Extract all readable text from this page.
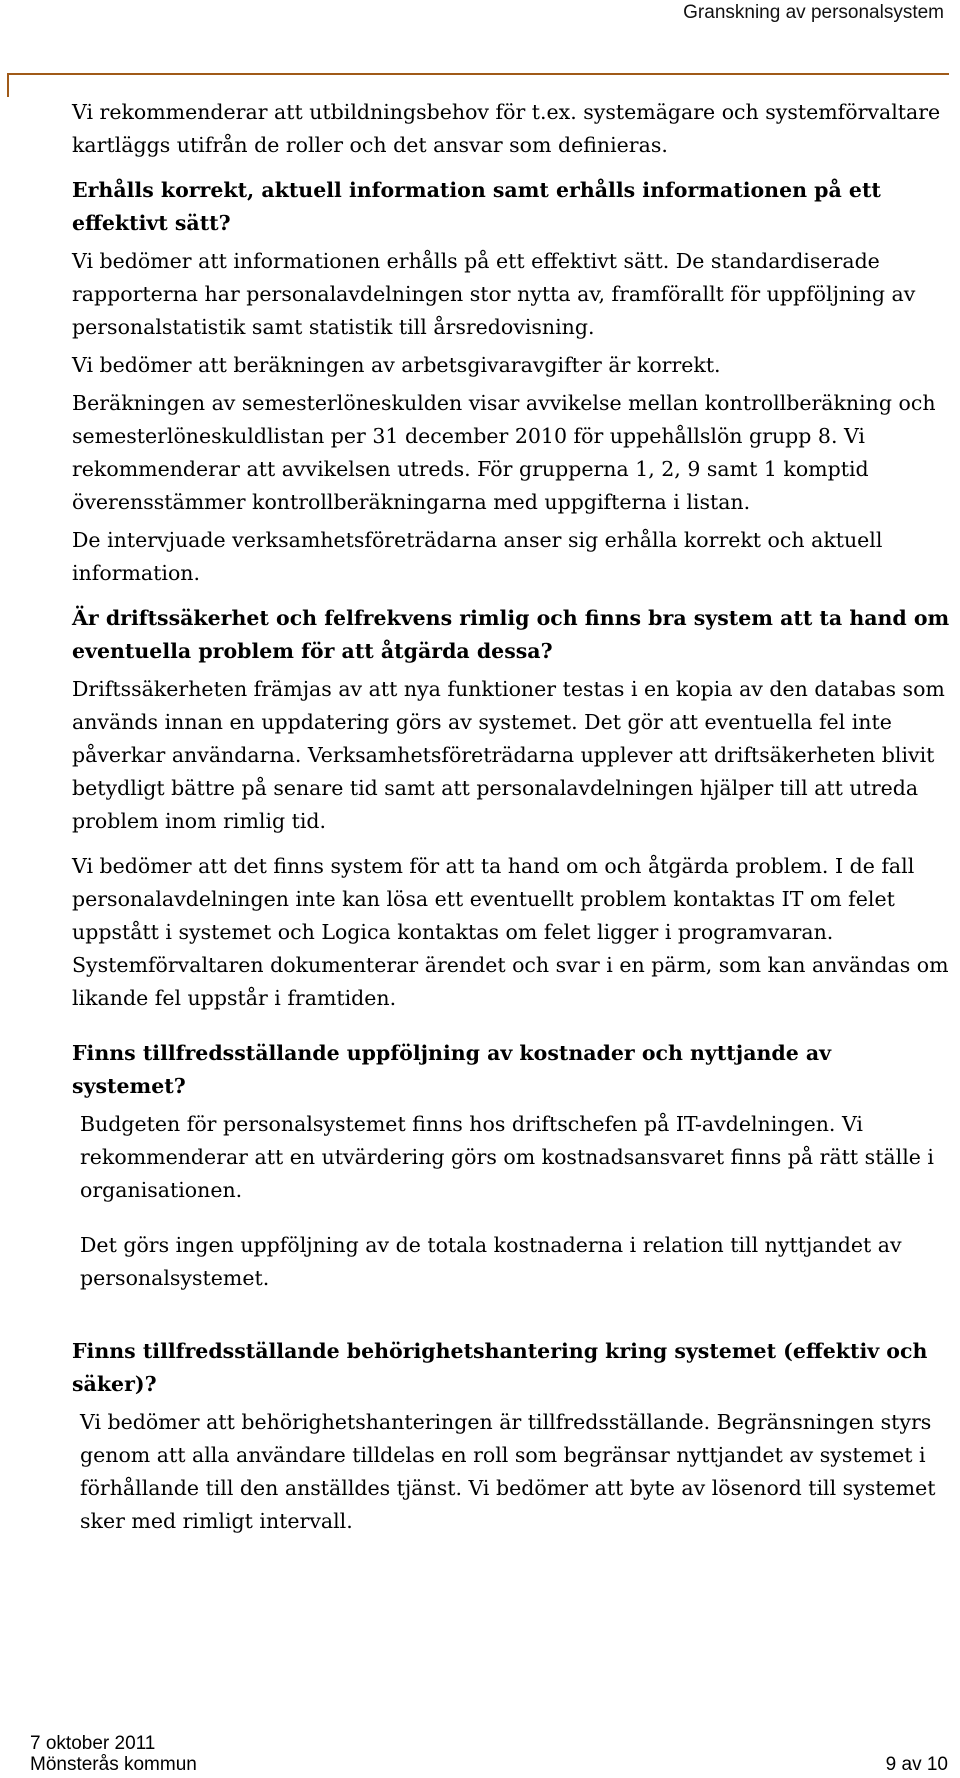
Granskning av personalsystem

Vi rekommenderar att utbildningsbehov för t.ex. systemägare och systemförvaltare kartläggs utifrån de roller och det ansvar som definieras.

Erhålls korrekt, aktuell information samt erhålls informationen på ett effektivt sätt?

Vi bedömer att informationen erhålls på ett effektivt sätt. De standardiserade rapporterna har personalavdelningen stor nytta av, framförallt för uppföljning av personalstatistik samt statistik till årsredovisning.

Vi bedömer att beräkningen av arbetsgivaravgifter är korrekt.

Beräkningen av semesterlöneskulden visar avvikelse mellan kontrollberäkning och semesterlöneskuldlistan per 31 december 2010 för uppehållslön grupp 8. Vi rekommenderar att avvikelsen utreds. För grupperna 1, 2, 9 samt 1 komptid överensstämmer kontrollberäkningarna med uppgifterna i listan.

De intervjuade verksamhetsföreträdarna anser sig erhålla korrekt och aktuell information.

Är driftssäkerhet och felfrekvens rimlig och finns bra system att ta hand om eventuella problem för att åtgärda dessa?

Driftssäkerheten främjas av att nya funktioner testas i en kopia av den databas som används innan en uppdatering görs av systemet. Det gör att eventuella fel inte påverkar användarna. Verksamhetsföreträdarna upplever att driftsäkerheten blivit betydligt bättre på senare tid samt att personalavdelningen hjälper till att utreda problem inom rimlig tid.

Vi bedömer att det finns system för att ta hand om och åtgärda problem. I de fall personalavdelningen inte kan lösa ett eventuellt problem kontaktas IT om felet uppstått i systemet och Logica kontaktas om felet ligger i programvaran. Systemförvaltaren dokumenterar ärendet och svar i en pärm, som kan användas om likande fel uppstår i framtiden.

Finns tillfredsställande uppföljning av kostnader och nyttjande av systemet?

Budgeten för personalsystemet finns hos driftschefen på IT-avdelningen. Vi rekommenderar att en utvärdering görs om kostnadsansvaret finns på rätt ställe i organisationen.

Det görs ingen uppföljning av de totala kostnaderna i relation till nyttjandet av personalsystemet.

Finns tillfredsställande behörighetshantering kring systemet (effektiv och säker)?

Vi bedömer att behörighetshanteringen är tillfredsställande. Begränsningen styrs genom att alla användare tilldelas en roll som begränsar nyttjandet av systemet i förhållande till den anställdes tjänst. Vi bedömer att byte av lösenord till systemet sker med rimligt intervall.

7 oktober 2011
Mönsterås kommun	9 av 10
